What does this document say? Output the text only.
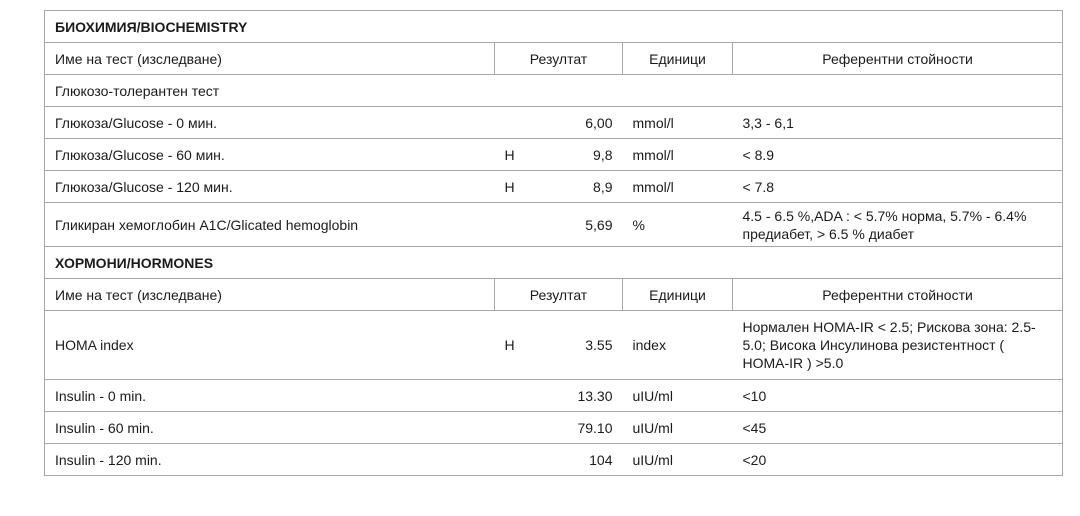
БИОХИМИЯ/BIOCHEMISTRY				
Име на тест (изследване)	Резултат		Единици	Референтни стойности
Глюкозо-толерантен тест				
Глюкоза/Glucose - 0 мин.		6,00	mmol/l	3,3 - 6,1
Глюкоза/Glucose - 60 мин.	H	9,8	mmol/l	< 8.9
Глюкоза/Glucose - 120 мин.	H	8,9	mmol/l	< 7.8
Гликиран хемоглобин A1C/Glicated hemoglobin		5,69	%	4.5 - 6.5 %,ADA : < 5.7% норма, 5.7% - 6.4% предиабет, > 6.5 % диабет
ХОРМОНИ/HORMONES				
Име на тест (изследване)	Резултат		Единици	Референтни стойности
HOMA index	H	3.55	index	Нормален HOMA-IR < 2.5; Рискова зона: 2.5-5.0; Висока Инсулинова резистентност ( HOMA-IR ) >5.0
Insulin - 0 min.		13.30	uIU/ml	<10
Insulin - 60 min.		79.10	uIU/ml	<45
Insulin - 120 min.		104	uIU/ml	<20
